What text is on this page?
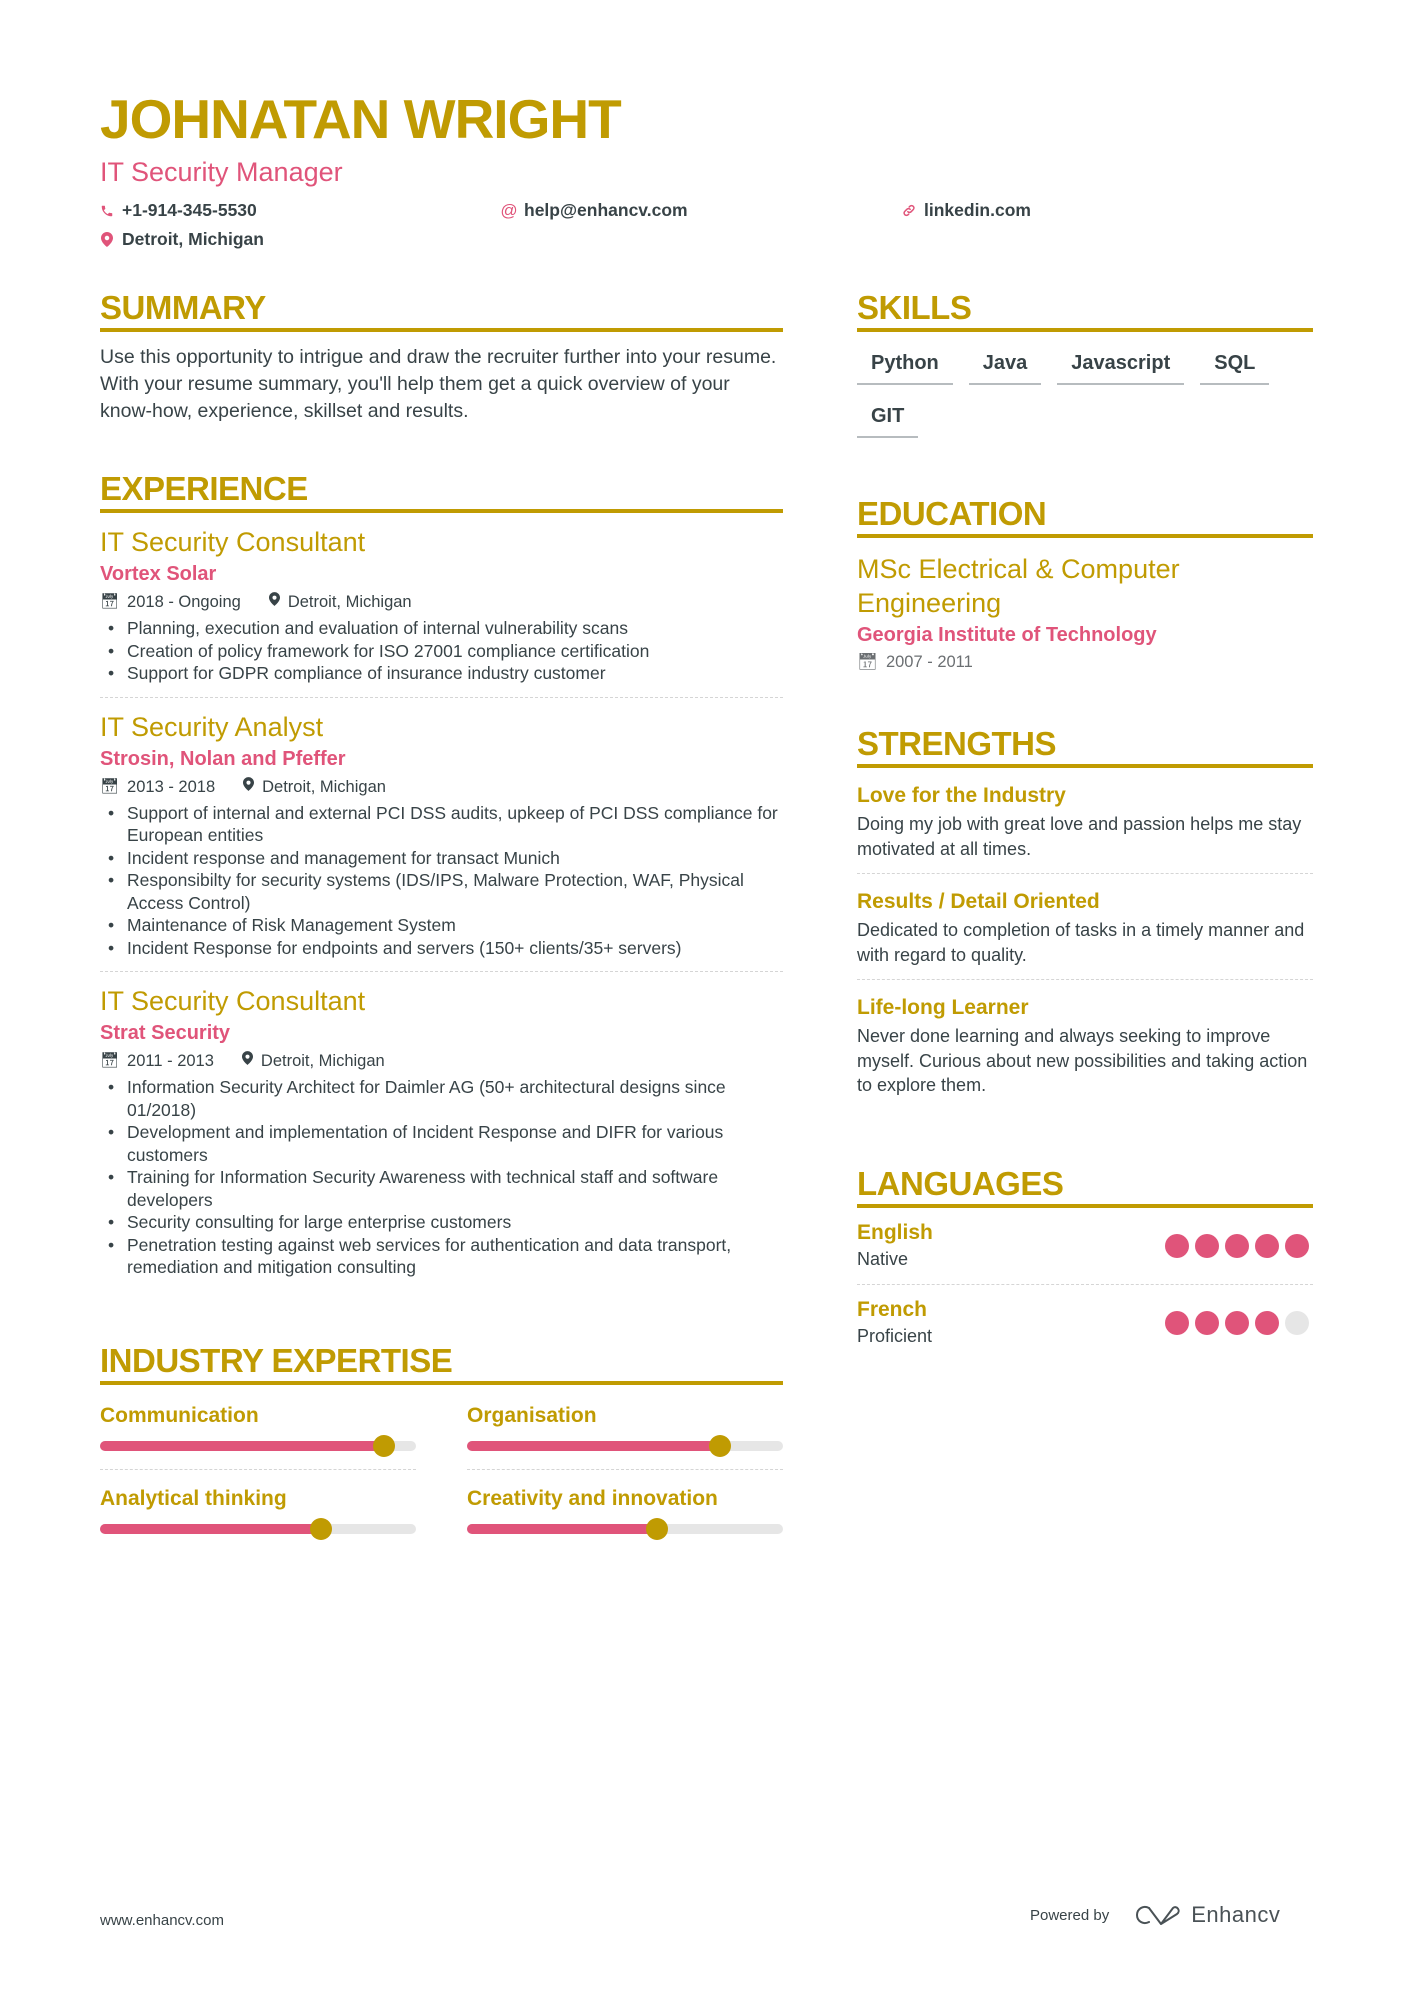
JOHNATAN WRIGHT
IT Security Manager
+1-914-345-5530	@ help@enhancv.com	linkedin.com
Detroit, Michigan
SUMMARY
Use this opportunity to intrigue and draw the recruiter further into your resume. With your resume summary, you'll help them get a quick overview of your know-how, experience, skillset and results.
EXPERIENCE
IT Security Consultant
Vortex Solar
📅︎ 2018 - Ongoing	Detroit, Michigan
• Planning, execution and evaluation of internal vulnerability scans
• Creation of policy framework for ISO 27001 compliance certification
• Support for GDPR compliance of insurance industry customer
IT Security Analyst
Strosin, Nolan and Pfeffer
📅︎ 2013 - 2018	Detroit, Michigan
• Support of internal and external PCI DSS audits, upkeep of PCI DSS compliance for European entities
• Incident response and management for transact Munich
• Responsibilty for security systems (IDS/IPS, Malware Protection, WAF, Physical Access Control)
• Maintenance of Risk Management System
• Incident Response for endpoints and servers (150+ clients/35+ servers)
IT Security Consultant
Strat Security
📅︎ 2011 - 2013	Detroit, Michigan
• Information Security Architect for Daimler AG (50+ architectural designs since 01/2018)
• Development and implementation of Incident Response and DIFR for various customers
• Training for Information Security Awareness with technical staff and software developers
• Security consulting for large enterprise customers
• Penetration testing against web services for authentication and data transport, remediation and mitigation consulting
INDUSTRY EXPERTISE
Communication	Organisation
Analytical thinking	Creativity and innovation
SKILLS
Python	Java	Javascript	SQL
GIT
EDUCATION
MSc Electrical & Computer Engineering
Georgia Institute of Technology
📅︎ 2007 - 2011
STRENGTHS
Love for the Industry
Doing my job with great love and passion helps me stay motivated at all times.
Results / Detail Oriented
Dedicated to completion of tasks in a timely manner and with regard to quality.
Life-long Learner
Never done learning and always seeking to improve myself. Curious about new possibilities and taking action to explore them.
LANGUAGES
English
Native
French
Proficient
www.enhancv.com	Powered by	Enhancv
